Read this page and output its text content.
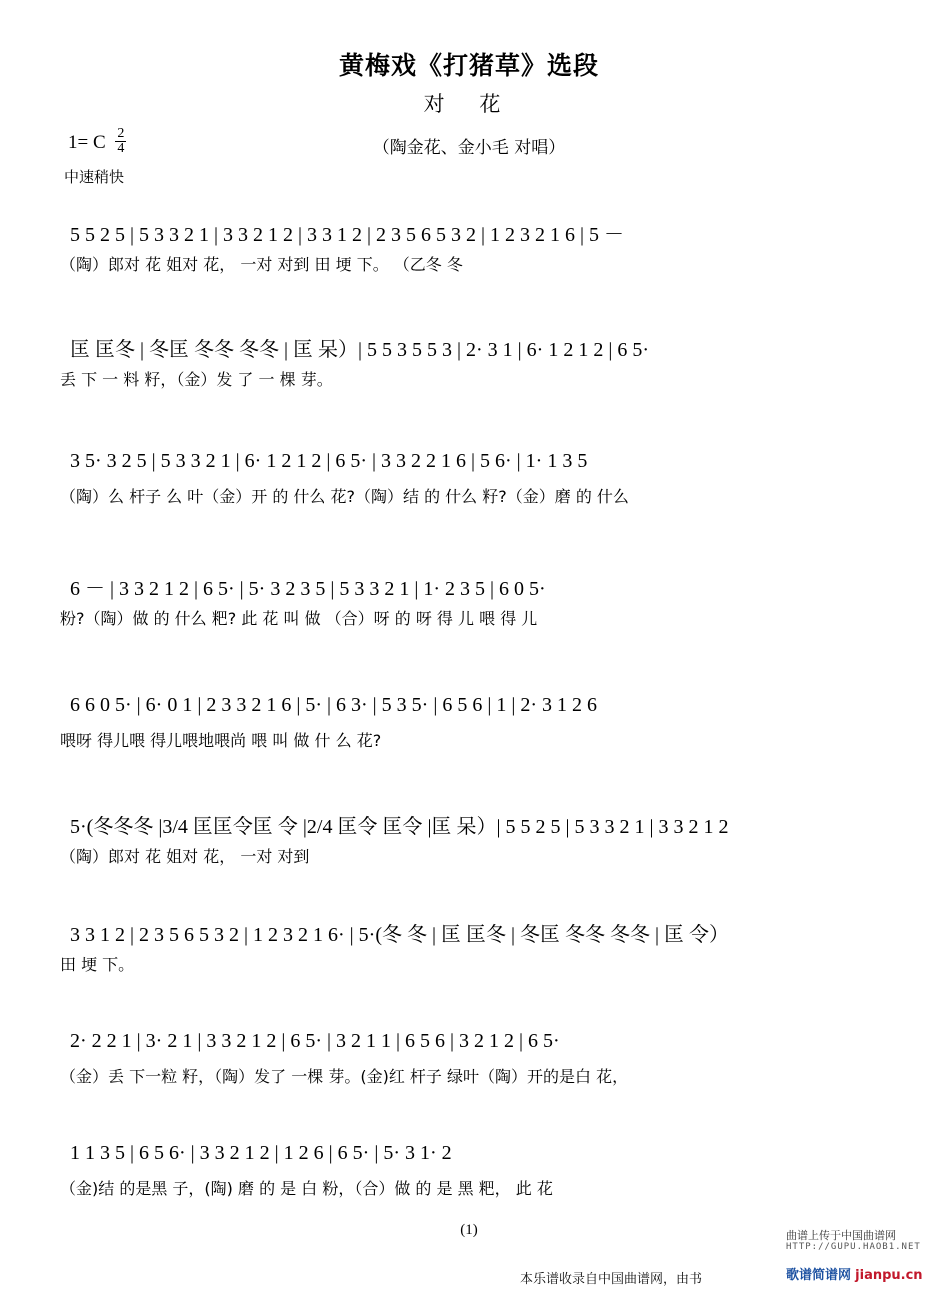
黄梅戏《打猪草》选段
对 花
（陶金花、金小毛 对唱）
1= C $\frac{2}{4}$
中速稍快
5 5 2 5 | 5 3 3 2 1 | 3 3 2 1 2 | 3 3 1 2 | 2 3 5 6 5 3 2 | 1 2 3 2 1 6 | 5 －
（陶）郎对 花 姐对 花， 一对 对到 田 埂 下。 （乙冬 冬
匡 匡冬 | 冬匡 冬冬 冬冬 | 匡 呆）| 5 5 3 5 5 3 | 2· 3 1 | 6· 1 2 1 2 | 6 5·
丢 下 一 料 籽，（金）发 了 一 棵 芽。
3 5· 3 2 5 | 5 3 3 2 1 | 6· 1 2 1 2 | 6 5· | 3 3 2 2 1 6 | 5 6· | 1· 1 3 5
（陶）么 杆子 么 叶（金）开 的 什么 花?（陶）结 的 什么 籽?（金）磨 的 什么
6 － | 3 3 2 1 2 | 6 5· | 5· 3 2 3 5 | 5 3 3 2 1 | 1· 2 3 5 | 6 0 5·
粉?（陶）做 的 什么 粑? 此 花 叫 做 （合）呀 的 呀 得 儿 喂 得 儿
6 6 0 5· | 6· 0 1 | 2 3 3 2 1 6 | 5· | 6 3· | 5 3 5· | 6 5 6 | 1 | 2· 3 1 2 6
喂呀 得儿喂 得儿喂地喂尚 喂 叫 做 什 么 花?
5·(冬冬冬 |3/4 匡匡令匡 令 |2/4 匡令 匡令 |匡 呆）| 5 5 2 5 | 5 3 3 2 1 | 3 3 2 1 2
（陶）郎对 花 姐对 花， 一对 对到
3 3 1 2 | 2 3 5 6 5 3 2 | 1 2 3 2 1 6· | 5·(冬 冬 | 匡 匡冬 | 冬匡 冬冬 冬冬 | 匡 令）
田 埂 下。
2· 2 2 1 | 3· 2 1 | 3 3 2 1 2 | 6 5· | 3 2 1 1 | 6 5 6 | 3 2 1 2 | 6 5·
（金）丢 下一粒 籽，（陶）发了 一棵 芽。(金)红 杆子 绿叶（陶）开的是白 花，
1 1 3 5 | 6 5 6· | 3 3 2 1 2 | 1 2 6 | 6 5· | 5· 3 1· 2
（金)结 的是黑 子，(陶) 磨 的 是 白 粉，（合）做 的 是 黑 粑， 此 花
(1)
本乐谱收录自中国曲谱网，由书
曲谱上传于中国曲谱网
HTTP://GUPU.HAOB1.NET
歌谱简谱网 jianpu.cn
